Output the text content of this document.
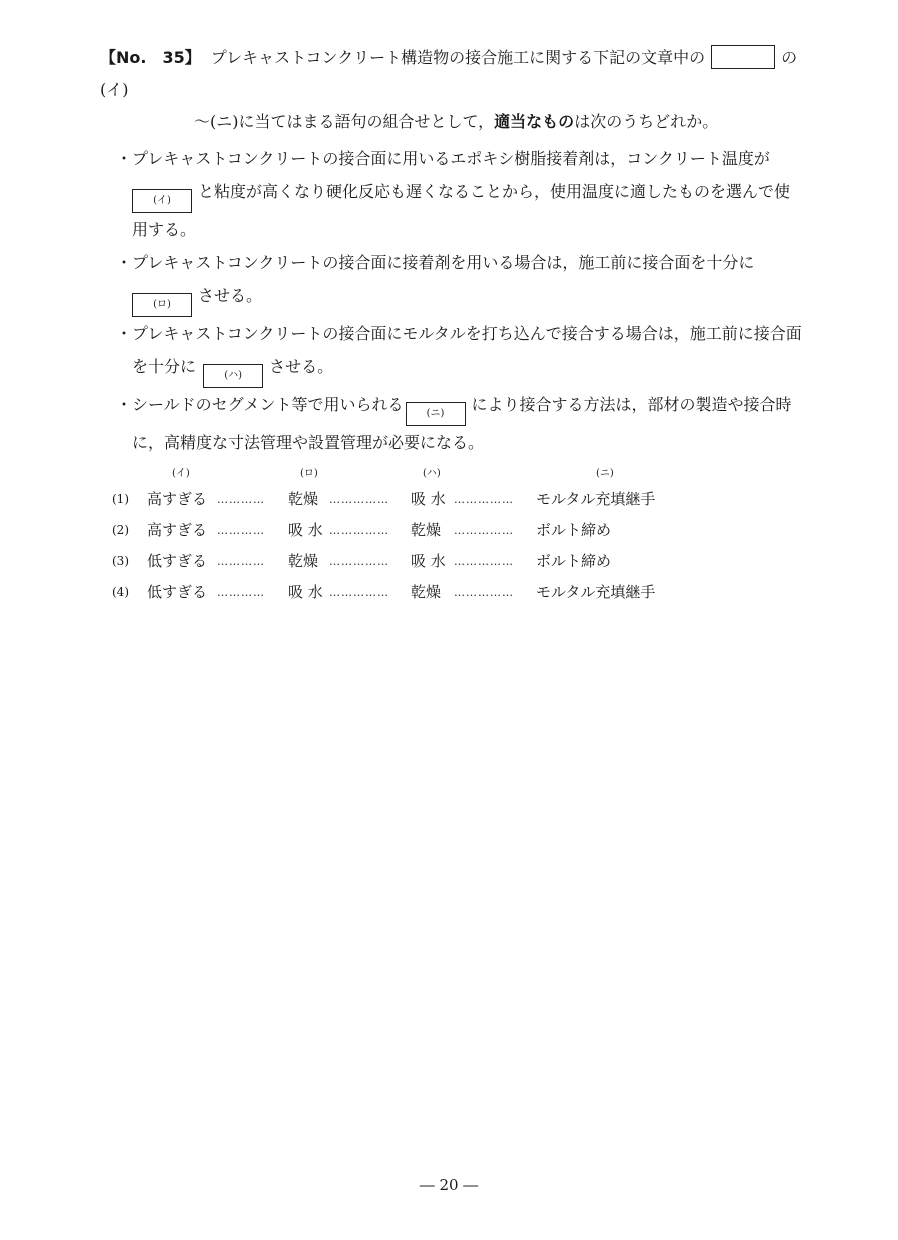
【No.　35】 プレキャストコンクリート構造物の接合施工に関する下記の文章中の	の(イ)
～(ニ)に当てはまる語句の組合せとして，適当なものは次のうちどれか。
・ プレキャストコンクリートの接合面に用いるエポキシ樹脂接着剤は，コンクリート温度が
(イ) と粘度が高くなり硬化反応も遅くなることから，使用温度に適したものを選んで使用する。
・ プレキャストコンクリートの接合面に接着剤を用いる場合は，施工前に接合面を十分に
(ロ) させる。
・ プレキャストコンクリートの接合面にモルタルを打ち込んで接合する場合は，施工前に接合面を十分に	(ハ) させる。
・ シールドのセグメント等で用いられる (ニ) により接合する方法は，部材の製造や接合時に，高精度な寸法管理や設置管理が必要になる。
(イ)	(ロ)	(ハ)	(ニ)
(1) 高すぎる ………… 乾燥 …………… 吸 水 …………… モルタル充填継手
(2) 高すぎる ………… 吸 水 …………… 乾燥 …………… ボルト締め
(3) 低すぎる ………… 乾燥 …………… 吸 水 …………… ボルト締め
(4) 低すぎる ………… 吸 水 …………… 乾燥 …………… モルタル充填継手
― 20 ―
